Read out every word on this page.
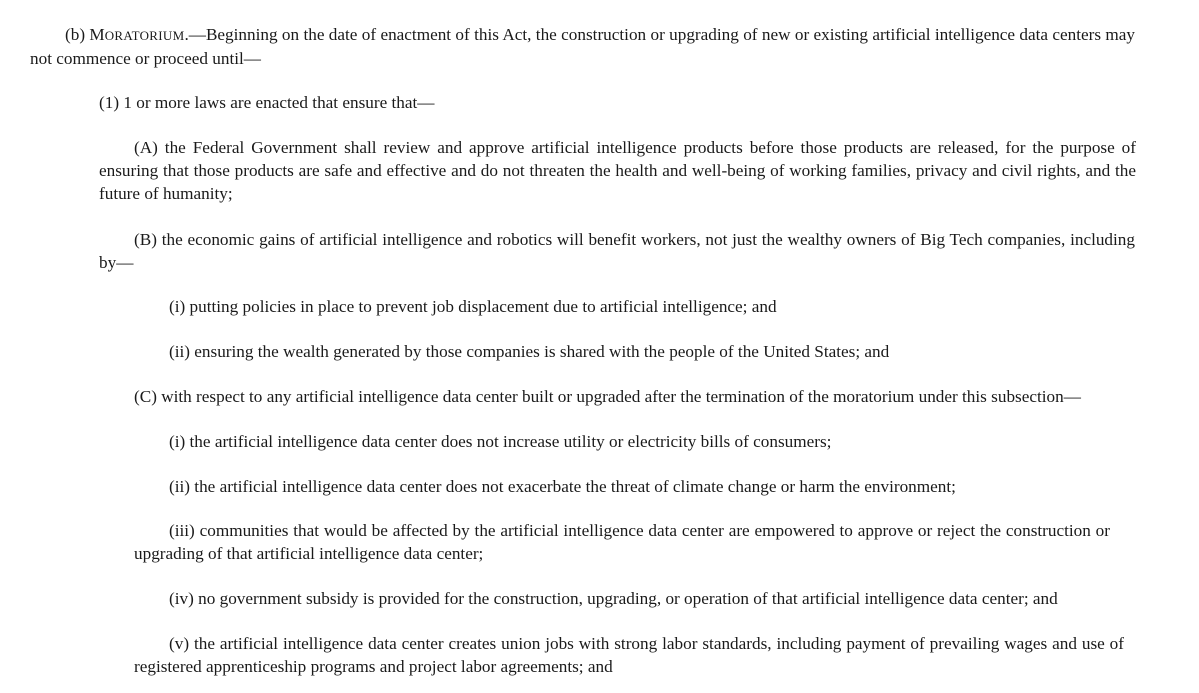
(b) MORATORIUM.—Beginning on the date of enactment of this Act, the construction or upgrading of new or existing artificial intelligence data centers may not commence or proceed until—

(1) 1 or more laws are enacted that ensure that—

(A) the Federal Government shall review and approve artificial intelligence products before those products are released, for the purpose of ensuring that those products are safe and effective and do not threaten the health and well-being of working families, privacy and civil rights, and the future of humanity;

(B) the economic gains of artificial intelligence and robotics will benefit workers, not just the wealthy owners of Big Tech companies, including by—

(i) putting policies in place to prevent job displacement due to artificial intelligence; and

(ii) ensuring the wealth generated by those companies is shared with the people of the United States; and

(C) with respect to any artificial intelligence data center built or upgraded after the termination of the moratorium under this subsection—

(i) the artificial intelligence data center does not increase utility or electricity bills of consumers;

(ii) the artificial intelligence data center does not exacerbate the threat of climate change or harm the environment;

(iii) communities that would be affected by the artificial intelligence data center are empowered to approve or reject the construction or upgrading of that artificial intelligence data center;

(iv) no government subsidy is provided for the construction, upgrading, or operation of that artificial intelligence data center; and

(v) the artificial intelligence data center creates union jobs with strong labor standards, including payment of prevailing wages and use of registered apprenticeship programs and project labor agreements; and
